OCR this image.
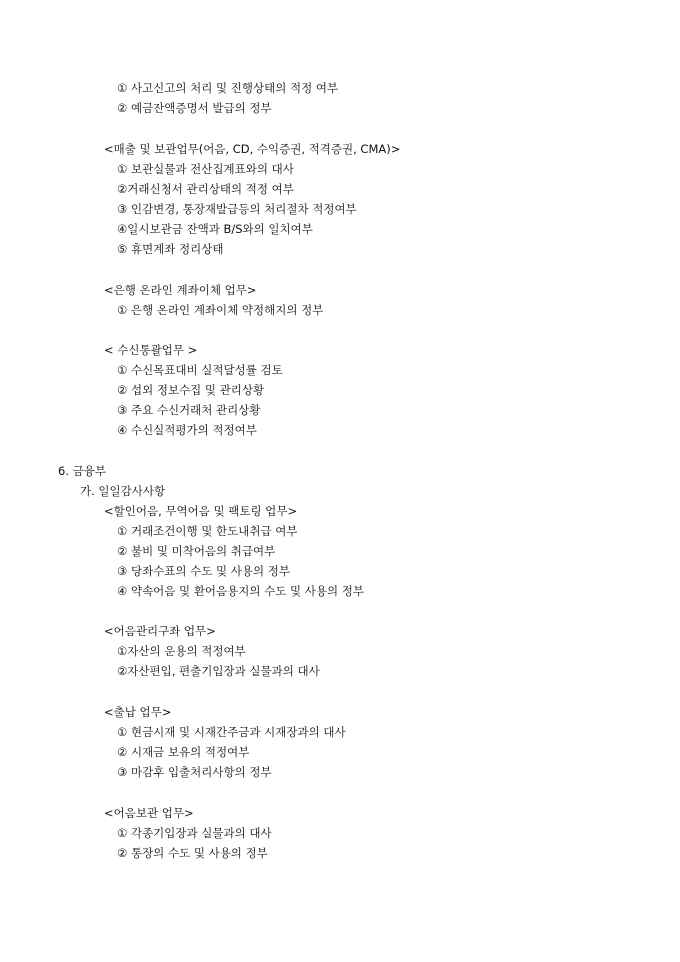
① 사고신고의 처리 및 진행상태의 적정 여부
② 예금잔액증명서 발급의 정부
<매출 및 보관업무(어음, CD, 수익증권, 적격증권, CMA)>
① 보관실물과 전산집계표와의 대사
②거래신청서 관리상태의 적정 여부
③ 인감변경, 통장재발급등의 처리절차 적정여부
④일시보관금 잔액과 B/S와의 일치여부
⑤ 휴면계좌 정리상태
<은행 온라인 계좌이체 업무>
① 은행 온라인 계좌이체 약정해지의 정부
< 수신통괄업무 >
① 수신목표대비 실적달성률 검토
② 섭외 정보수집 및 관리상황
③ 주요 수신거래처 관리상황
④ 수신실적평가의 적정여부
6. 금융부
가. 일일감사사항
<할인어음, 무역어음 및 팩토링 업무>
① 거래조건이행 및 한도내취급 여부
② 불비 및 미착어음의 취급여부
③ 당좌수표의 수도 및 사용의 정부
④ 약속어음 및 환어음용지의 수도 및 사용의 정부
<어음관리구좌 업무>
①자산의 운용의 적정여부
②자산편입, 편출기입장과 실물과의 대사
<출납 업무>
① 현금시재 및 시재간주금과 시재장과의 대사
② 시재금 보유의 적정여부
③ 마감후 입출처리사항의 정부
<어음보관 업무>
① 각종기입장과 실물과의 대사
② 통장의 수도 및 사용의 정부
